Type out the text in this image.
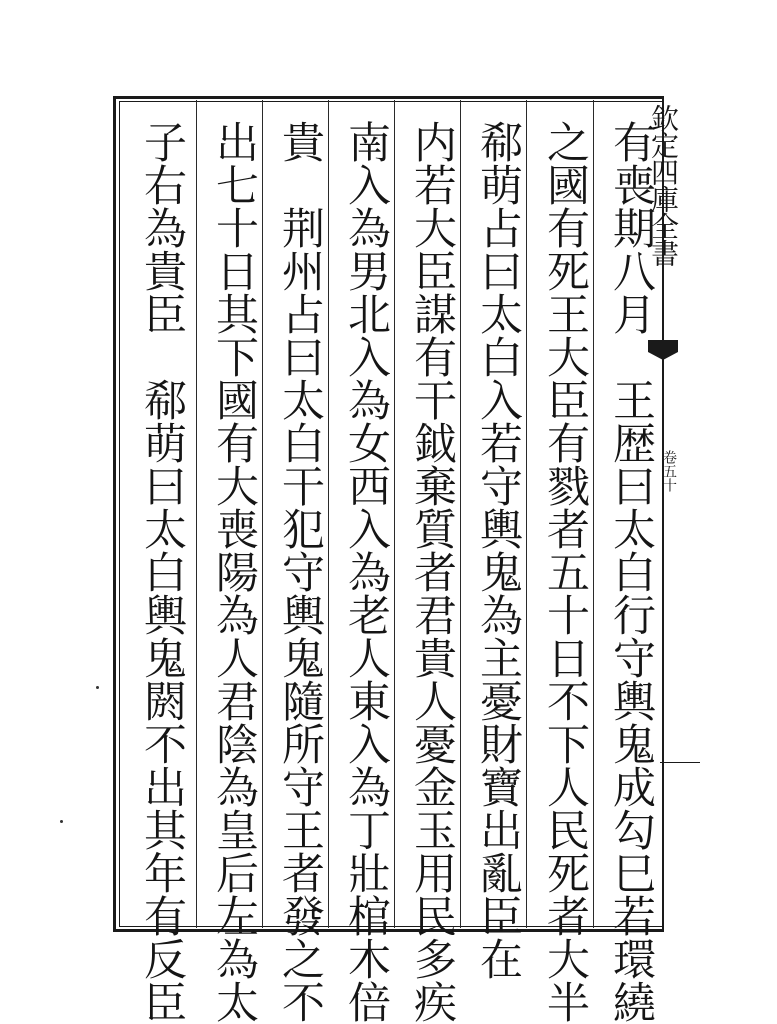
欽定四庫全書
卷五十
有喪期八月　王歴曰太白行守輿鬼成勾巳若環繞
之國有死王大臣有戮者五十日不下人民死者大半
郗萌占曰太白入若守輿鬼為主憂財寶出亂臣在
内若大臣謀有干鉞棄質者君貴人憂金玉用民多疾
南入為男北入為女西入為老人東入為丁壯棺木倍
貴　荆州占曰太白干犯守輿鬼隨所守王者發之不
出七十日其下國有大喪陽為人君陰為皇后左為太
子右為貴臣　郗萌曰太白輿鬼閼不出其年有反臣
